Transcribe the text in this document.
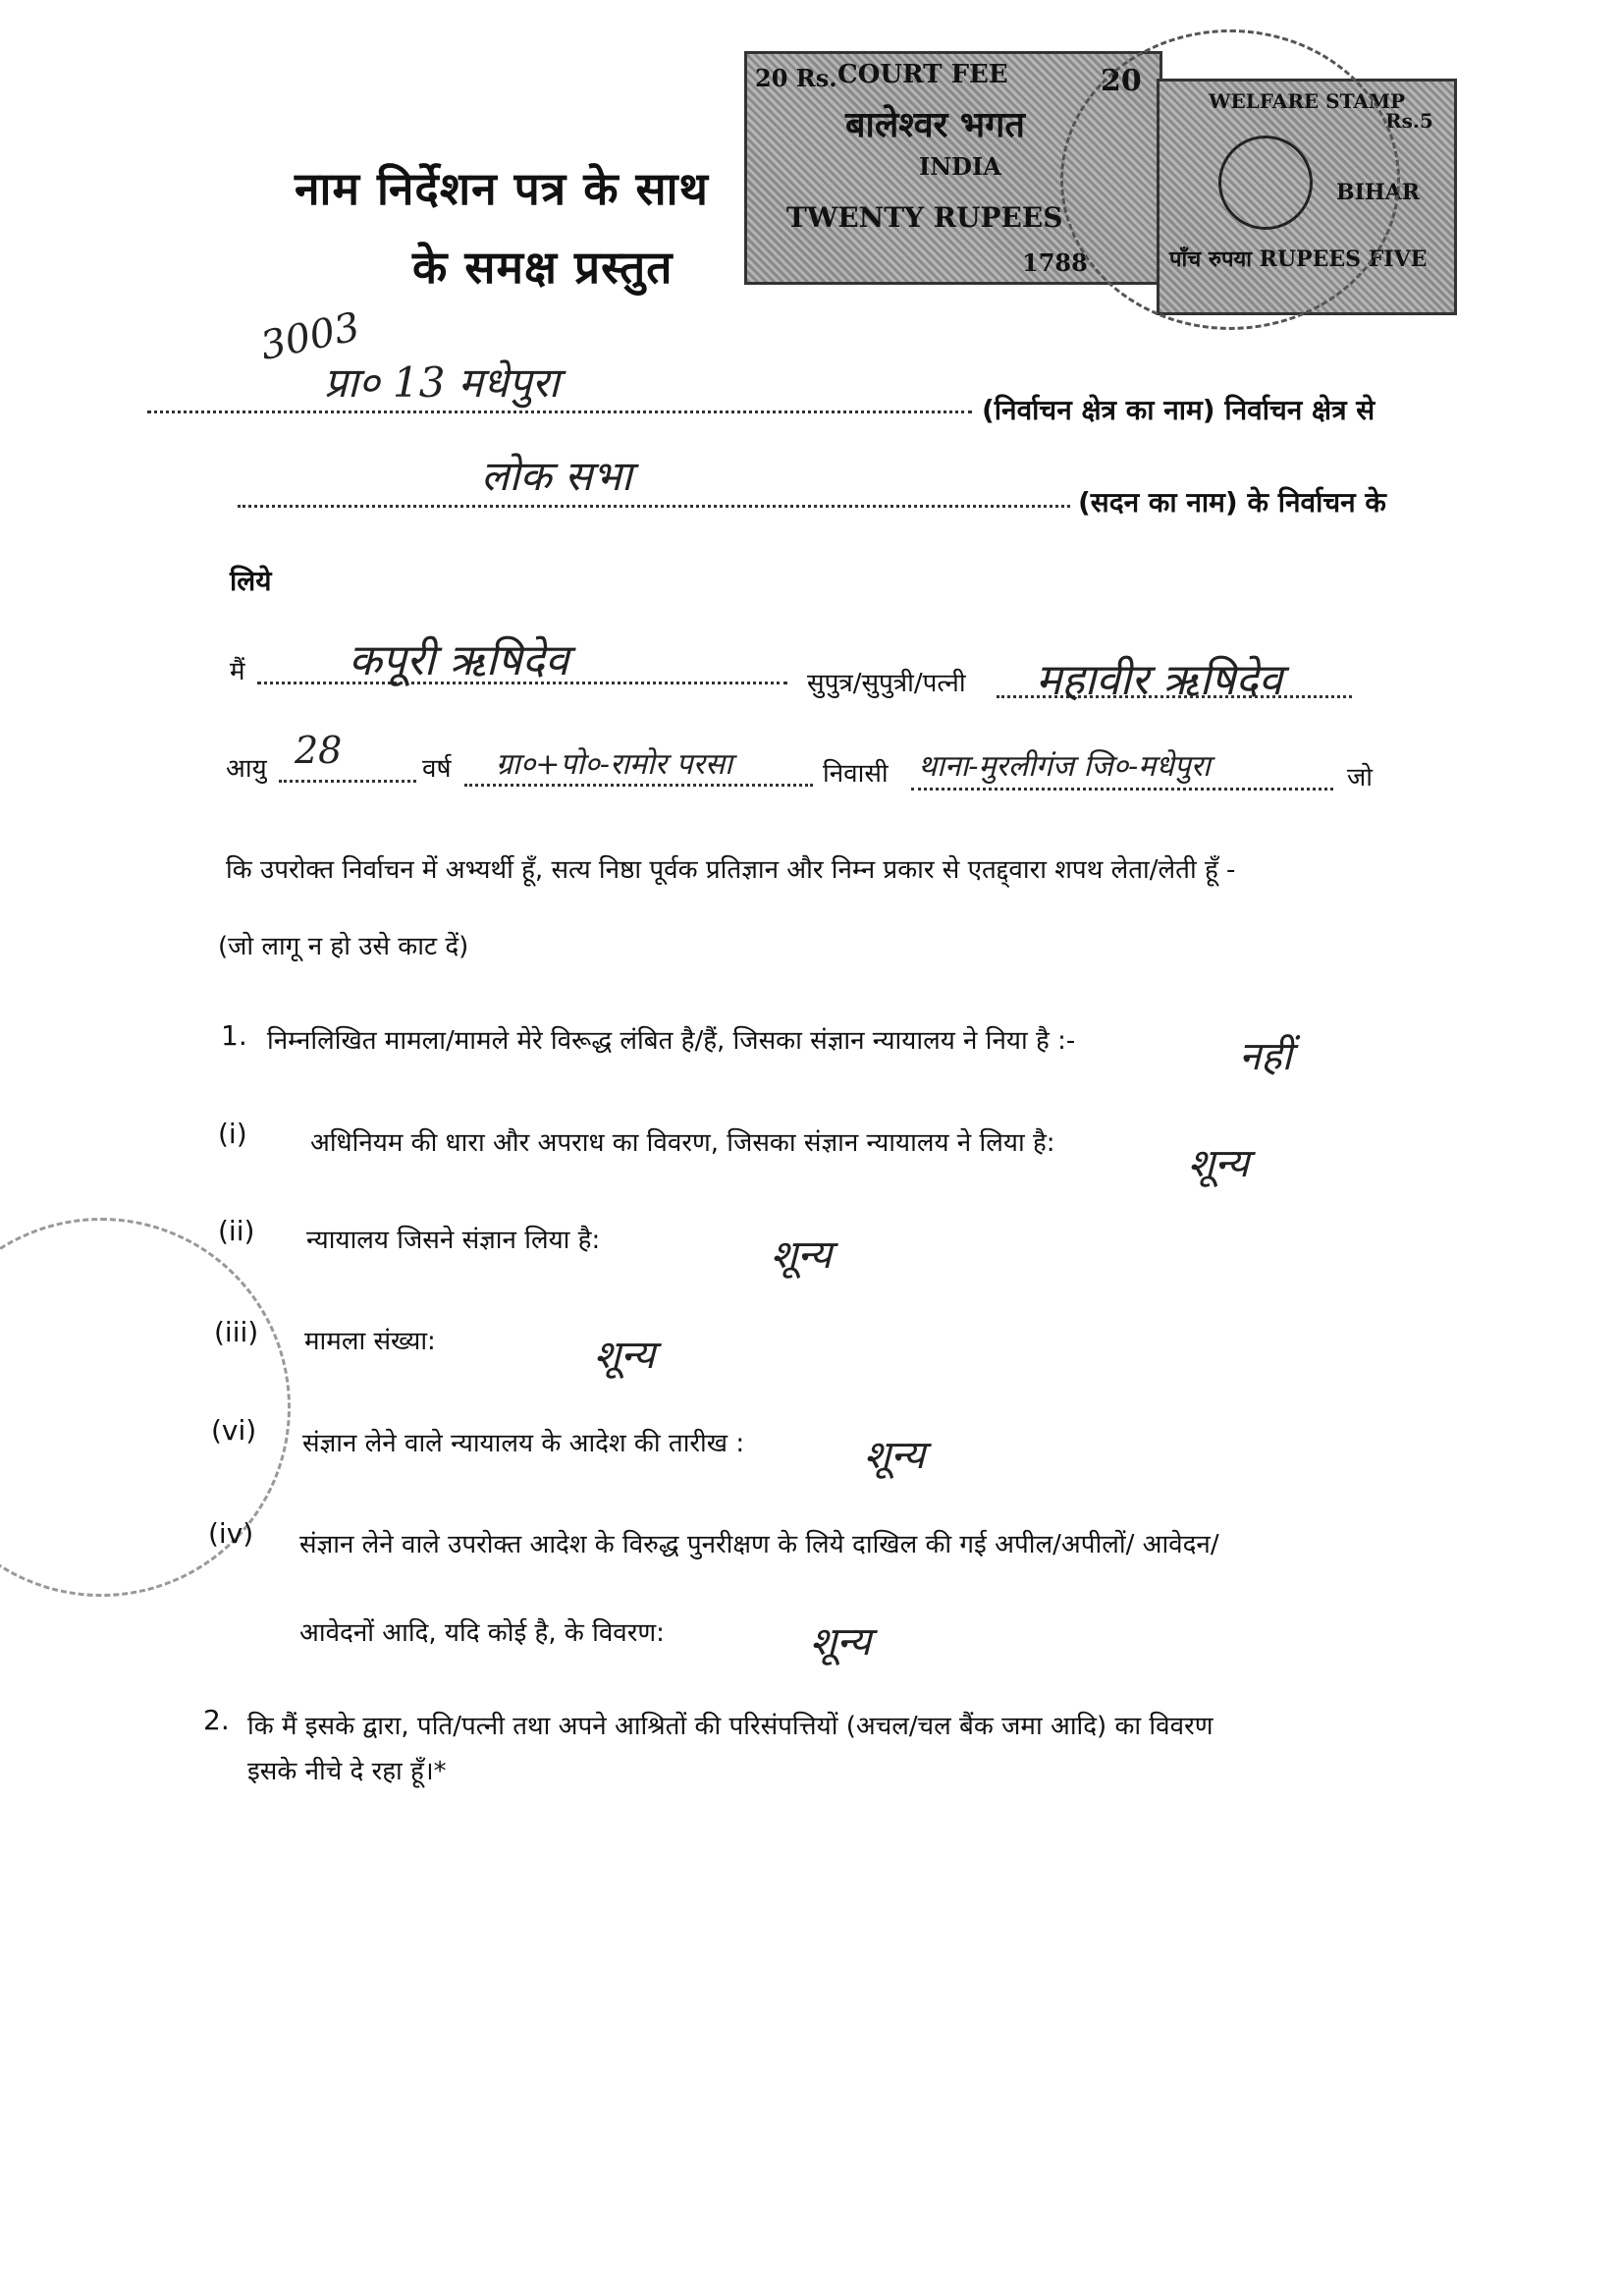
नाम निर्देशन पत्र के साथ
के समक्ष प्रस्तुत
20 Rs. COURT FEE	20
बालेश्वर भगत
INDIA
TWENTY RUPEES
1788
WELFARE STAMP
Rs.5
BIHAR
पाँच रुपया RUPEES FIVE
3003
प्रा० 13 मधेपुरा
(निर्वाचन क्षेत्र का नाम) निर्वाचन क्षेत्र से
लोक सभा
(सदन का नाम) के निर्वाचन के
लिये
मैं कपूरी ऋषिदेव	सुपुत्र/सुपुत्री/पत्नी महावीर ऋषिदेव
आयु 28	वर्ष ग्रा०+पो०-रामोर परसा	निवासी थाना-मुरलीगंज जि०-मधेपुरा	जो
कि उपरोक्त निर्वाचन में अभ्यर्थी हूँ, सत्य निष्ठा पूर्वक प्रतिज्ञान और निम्न प्रकार से एतद्द्वारा शपथ लेता/लेती हूँ -
(जो लागू न हो उसे काट दें)
1. निम्नलिखित मामला/मामले मेरे विरूद्ध लंबित है/हैं, जिसका संज्ञान न्यायालय ने निया है :-	नहीं
(i) अधिनियम की धारा और अपराध का विवरण, जिसका संज्ञान न्यायालय ने लिया है:	शून्य
(ii) न्यायालय जिसने संज्ञान लिया है:	शून्य
(iii) मामला संख्या:	शून्य
(vi) संज्ञान लेने वाले न्यायालय के आदेश की तारीख :	शून्य
(iv) संज्ञान लेने वाले उपरोक्त आदेश के विरुद्ध पुनरीक्षण के लिये दाखिल की गई अपील/अपीलों/ आवेदन/
आवेदनों आदि, यदि कोई है, के विवरण:	शून्य
2. कि मैं इसके द्वारा, पति/पत्नी तथा अपने आश्रितों की परिसंपत्तियों (अचल/चल बैंक जमा आदि) का विवरण
इसके नीचे दे रहा हूँ।*
